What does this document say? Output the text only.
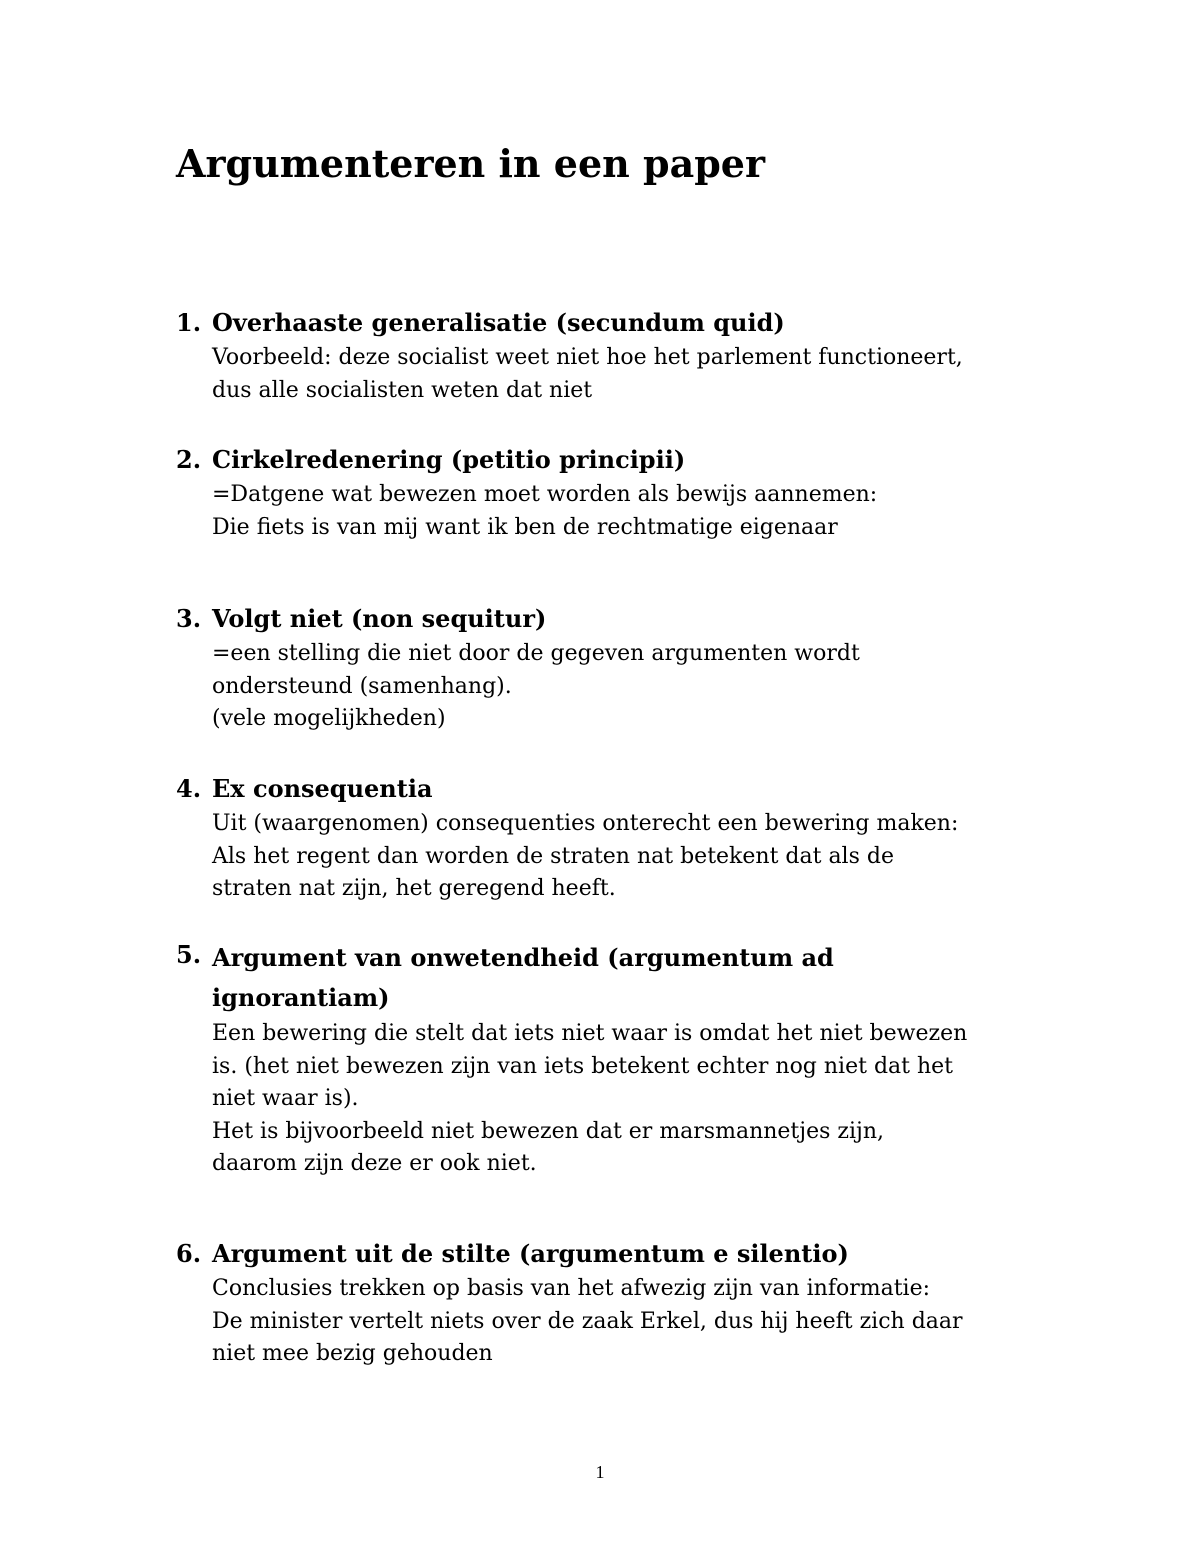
Argumenteren in een paper
1. Overhaaste generalisatie (secundum quid)
Voorbeeld: deze socialist weet niet hoe het parlement functioneert,
dus alle socialisten weten dat niet
2. Cirkelredenering (petitio principii)
=Datgene wat bewezen moet worden als bewijs aannemen:
Die fiets is van mij want ik ben de rechtmatige eigenaar
3. Volgt niet (non sequitur)
=een stelling die niet door de gegeven argumenten wordt
ondersteund (samenhang).
(vele mogelijkheden)
4. Ex consequentia
Uit (waargenomen) consequenties onterecht een bewering maken:
Als het regent dan worden de straten nat betekent dat als de
straten nat zijn, het geregend heeft.
5. Argument van onwetendheid (argumentum ad ignorantiam)
Een bewering die stelt dat iets niet waar is omdat het niet bewezen
is. (het niet bewezen zijn van iets betekent echter nog niet dat het
niet waar is).
Het is bijvoorbeeld niet bewezen dat er marsmannetjes zijn,
daarom zijn deze er ook niet.
6. Argument uit de stilte (argumentum e silentio)
Conclusies trekken op basis van het afwezig zijn van informatie:
De minister vertelt niets over de zaak Erkel, dus hij heeft zich daar
niet mee bezig gehouden
1
